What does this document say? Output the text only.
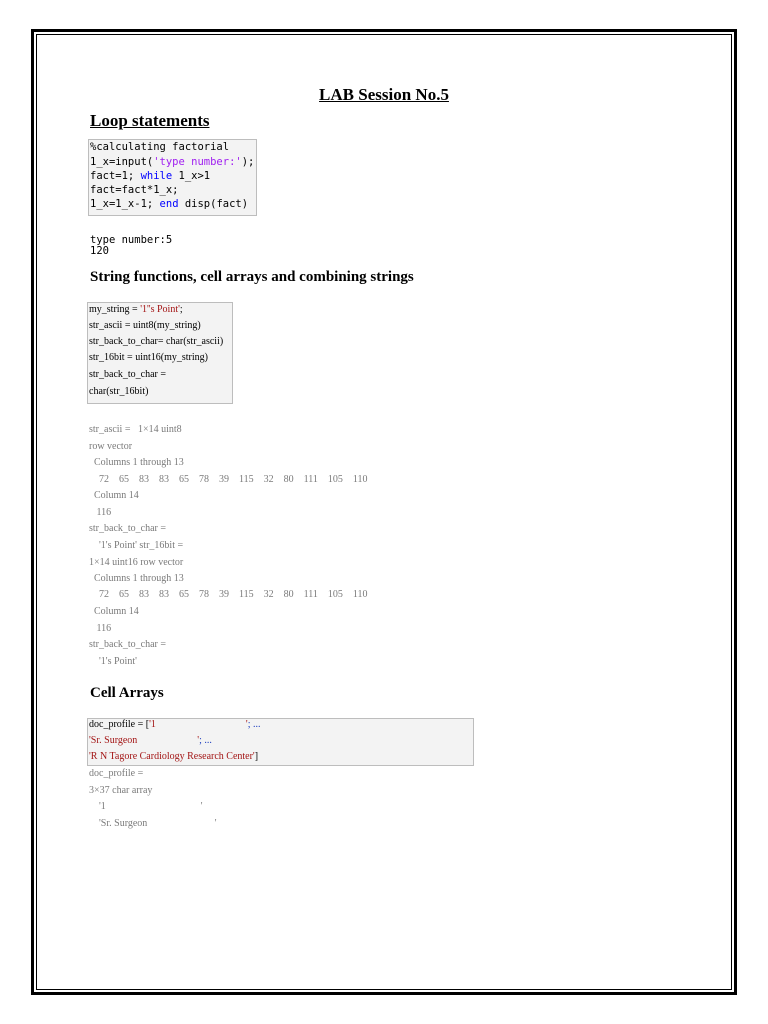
LAB Session No.5
Loop statements
%calculating factorial
1_x=input('type number:');
fact=1; while 1_x>1
fact=fact*1_x;
1_x=1_x-1; end disp(fact)
type number:5
120
String functions, cell arrays and combining strings
my_string = '1''s Point';
str_ascii = uint8(my_string)
str_back_to_char= char(str_ascii)
str_16bit = uint16(my_string)
str_back_to_char =
char(str_16bit)
str_ascii =   1×14 uint8
row vector
Columns 1 through 13
72    65    83    83    65    78    39    115    32    80    111    105    110
Column 14
116
str_back_to_char =
'1's Point' str_16bit =
1×14 uint16 row vector
Columns 1 through 13
72    65    83    83    65    78    39    115    32    80    111    105    110
Column 14
116
str_back_to_char =
'1's Point'
Cell Arrays
doc_profile = ['1                                    '; ...
'Sr. Surgeon                        '; ...
'R N Tagore Cardiology Research Center']
doc_profile =
3×37 char array
'1                                      '
'Sr. Surgeon                           '
